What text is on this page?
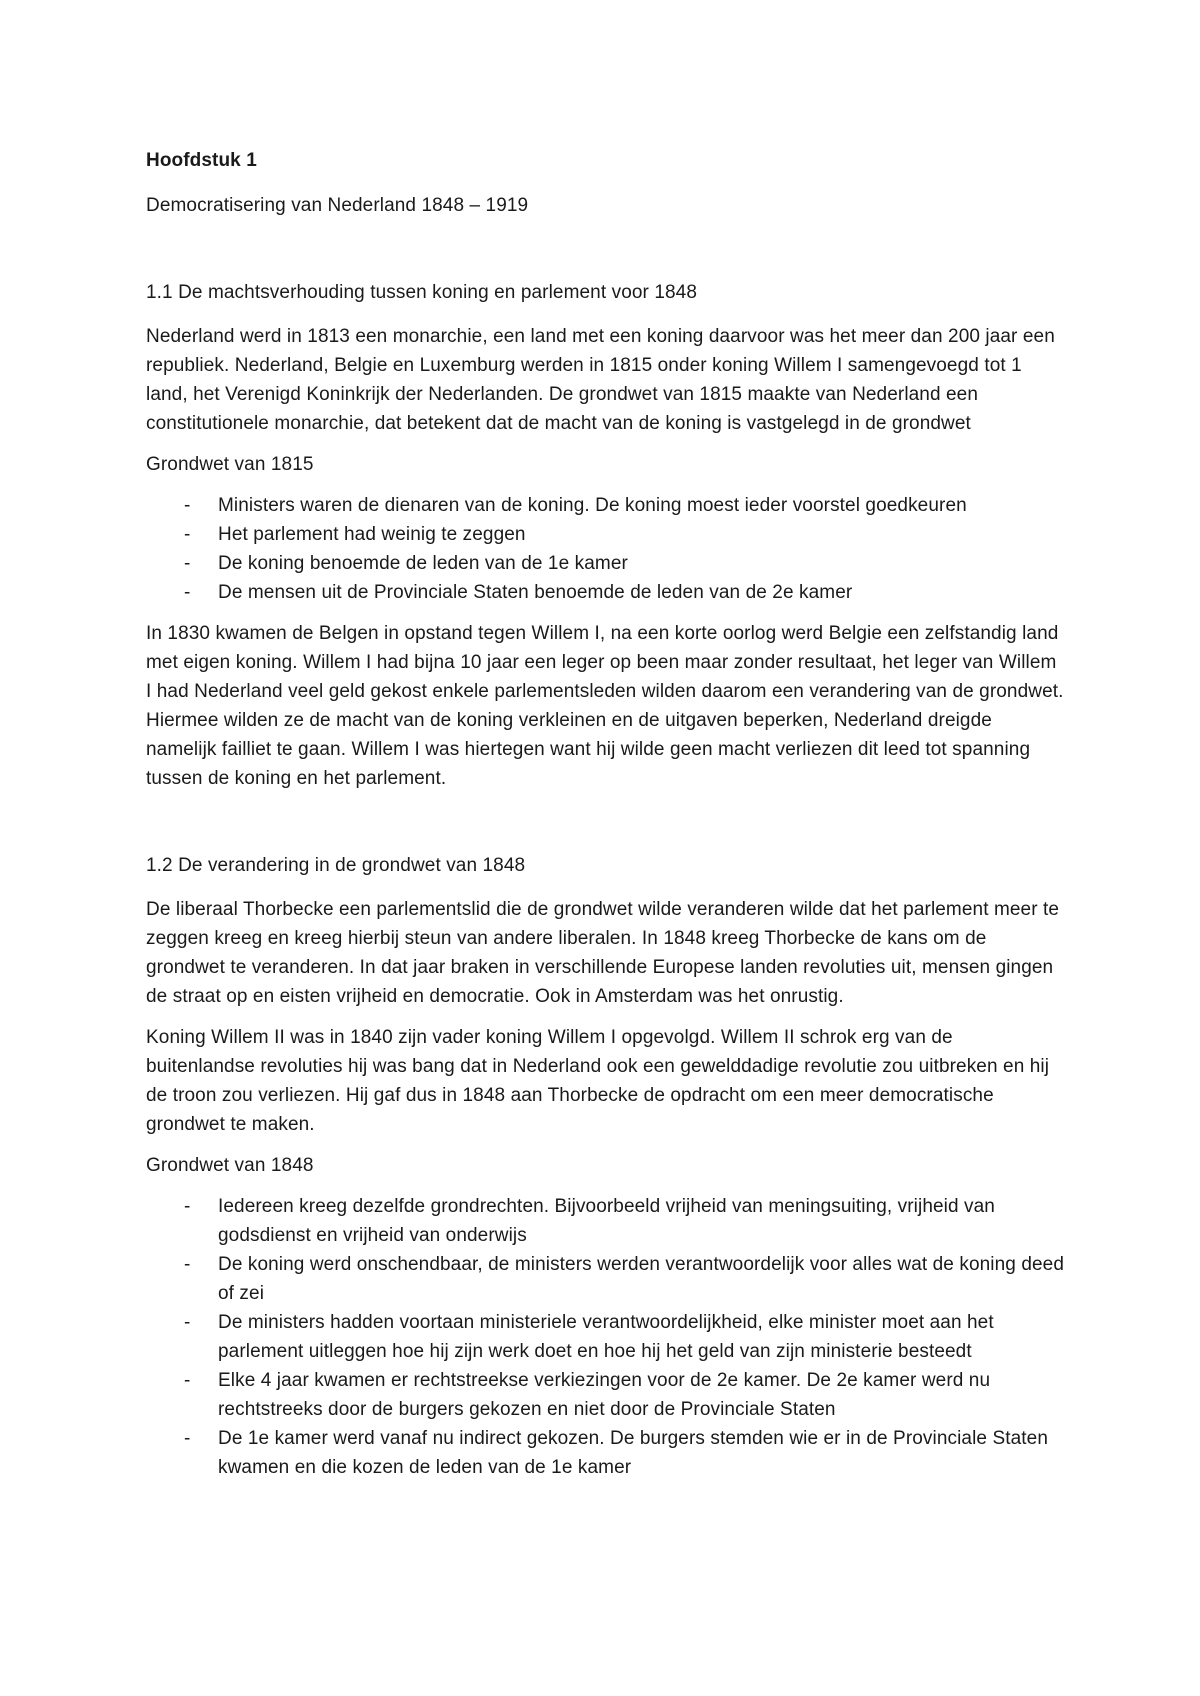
Hoofdstuk 1

Democratisering van Nederland 1848 – 1919

1.1 De machtsverhouding tussen koning en parlement voor 1848

Nederland werd in 1813 een monarchie, een land met een koning daarvoor was het meer dan 200 jaar een republiek. Nederland, Belgie en Luxemburg werden in 1815 onder koning Willem I samengevoegd tot 1 land, het Verenigd Koninkrijk der Nederlanden. De grondwet van 1815 maakte van Nederland een constitutionele monarchie, dat betekent dat de macht van de koning is vastgelegd in de grondwet

Grondwet van 1815

- Ministers waren de dienaren van de koning. De koning moest ieder voorstel goedkeuren
- Het parlement had weinig te zeggen
- De koning benoemde de leden van de 1e kamer
- De mensen uit de Provinciale Staten benoemde de leden van de 2e kamer

In 1830 kwamen de Belgen in opstand tegen Willem I, na een korte oorlog werd Belgie een zelfstandig land met eigen koning. Willem I had bijna 10 jaar een leger op been maar zonder resultaat, het leger van Willem I had Nederland veel geld gekost enkele parlementsleden wilden daarom een verandering van de grondwet. Hiermee wilden ze de macht van de koning verkleinen en de uitgaven beperken, Nederland dreigde namelijk failliet te gaan. Willem I was hiertegen want hij wilde geen macht verliezen dit leed tot spanning tussen de koning en het parlement.

1.2 De verandering in de grondwet van 1848

De liberaal Thorbecke een parlementslid die de grondwet wilde veranderen wilde dat het parlement meer te zeggen kreeg en kreeg hierbij steun van andere liberalen. In 1848 kreeg Thorbecke de kans om de grondwet te veranderen. In dat jaar braken in verschillende Europese landen revoluties uit, mensen gingen de straat op en eisten vrijheid en democratie. Ook in Amsterdam was het onrustig.

Koning Willem II was in 1840 zijn vader koning Willem I opgevolgd. Willem II schrok erg van de buitenlandse revoluties hij was bang dat in Nederland ook een gewelddadige revolutie zou uitbreken en hij de troon zou verliezen. Hij gaf dus in 1848 aan Thorbecke de opdracht om een meer democratische grondwet te maken.

Grondwet van 1848

- Iedereen kreeg dezelfde grondrechten. Bijvoorbeeld vrijheid van meningsuiting, vrijheid van godsdienst en vrijheid van onderwijs
- De koning werd onschendbaar, de ministers werden verantwoordelijk voor alles wat de koning deed of zei
- De ministers hadden voortaan ministeriele verantwoordelijkheid, elke minister moet aan het parlement uitleggen hoe hij zijn werk doet en hoe hij het geld van zijn ministerie besteedt
- Elke 4 jaar kwamen er rechtstreekse verkiezingen voor de 2e kamer. De 2e kamer werd nu rechtstreeks door de burgers gekozen en niet door de Provinciale Staten
- De 1e kamer werd vanaf nu indirect gekozen. De burgers stemden wie er in de Provinciale Staten kwamen en die kozen de leden van de 1e kamer
